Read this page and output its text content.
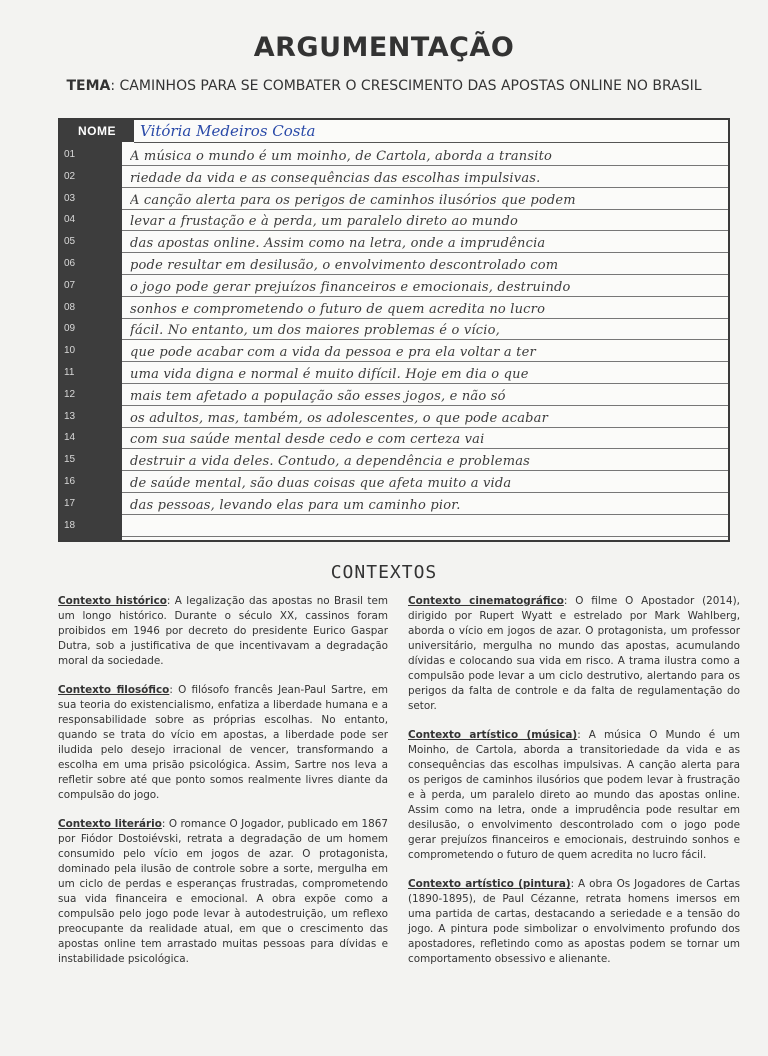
ARGUMENTAÇÃO
TEMA: CAMINHOS PARA SE COMBATER O CRESCIMENTO DAS APOSTAS ONLINE NO BRASIL
NOME	Vitória Medeiros Costa
01	A música o mundo é um moinho, de Cartola, aborda a transito
02	riedade da vida e as consequências das escolhas impulsivas.
03	A canção alerta para os perigos de caminhos ilusórios que podem
04	levar a frustação e à perda, um paralelo direto ao mundo
05	das apostas online. Assim como na letra, onde a imprudência
06	pode resultar em desilusão, o envolvimento descontrolado com
07	o jogo pode gerar prejuízos financeiros e emocionais, destruindo
08	sonhos e comprometendo o futuro de quem acredita no lucro
09	fácil. No entanto, um dos maiores problemas é o vício,
10	que pode acabar com a vida da pessoa e pra ela voltar a ter
11	uma vida digna e normal é muito difícil. Hoje em dia o que
12	mais tem afetado a população são esses jogos, e não só
13	os adultos, mas, também, os adolescentes, o que pode acabar
14	com sua saúde mental desde cedo e com certeza vai
15	destruir a vida deles. Contudo, a dependência e problemas
16	de saúde mental, são duas coisas que afeta muito a vida
17	das pessoas, levando elas para um caminho pior.
18
CONTEXTOS

Contexto histórico: A legalização das apostas no Brasil tem um longo histórico. Durante o século XX, cassinos foram proibidos em 1946 por decreto do presidente Eurico Gaspar Dutra, sob a justificativa de que incentivavam a degradação moral da sociedade.

Contexto filosófico: O filósofo francês Jean-Paul Sartre, em sua teoria do existencialismo, enfatiza a liberdade humana e a responsabilidade sobre as próprias escolhas. No entanto, quando se trata do vício em apostas, a liberdade pode ser iludida pelo desejo irracional de vencer, transformando a escolha em uma prisão psicológica. Assim, Sartre nos leva a refletir sobre até que ponto somos realmente livres diante da compulsão do jogo.

Contexto literário: O romance O Jogador, publicado em 1867 por Fiódor Dostoiévski, retrata a degradação de um homem consumido pelo vício em jogos de azar. O protagonista, dominado pela ilusão de controle sobre a sorte, mergulha em um ciclo de perdas e esperanças frustradas, comprometendo sua vida financeira e emocional. A obra expõe como a compulsão pelo jogo pode levar à autodestruição, um reflexo preocupante da realidade atual, em que o crescimento das apostas online tem arrastado muitas pessoas para dívidas e instabilidade psicológica.

Contexto cinematográfico: O filme O Apostador (2014), dirigido por Rupert Wyatt e estrelado por Mark Wahlberg, aborda o vício em jogos de azar. O protagonista, um professor universitário, mergulha no mundo das apostas, acumulando dívidas e colocando sua vida em risco. A trama ilustra como a compulsão pode levar a um ciclo destrutivo, alertando para os perigos da falta de controle e da falta de regulamentação do setor.

Contexto artístico (música): A música O Mundo é um Moinho, de Cartola, aborda a transitoriedade da vida e as consequências das escolhas impulsivas. A canção alerta para os perigos de caminhos ilusórios que podem levar à frustração e à perda, um paralelo direto ao mundo das apostas online. Assim como na letra, onde a imprudência pode resultar em desilusão, o envolvimento descontrolado com o jogo pode gerar prejuízos financeiros e emocionais, destruindo sonhos e comprometendo o futuro de quem acredita no lucro fácil.

Contexto artístico (pintura): A obra Os Jogadores de Cartas (1890-1895), de Paul Cézanne, retrata homens imersos em uma partida de cartas, destacando a seriedade e a tensão do jogo. A pintura pode simbolizar o envolvimento profundo dos apostadores, refletindo como as apostas podem se tornar um comportamento obsessivo e alienante.
